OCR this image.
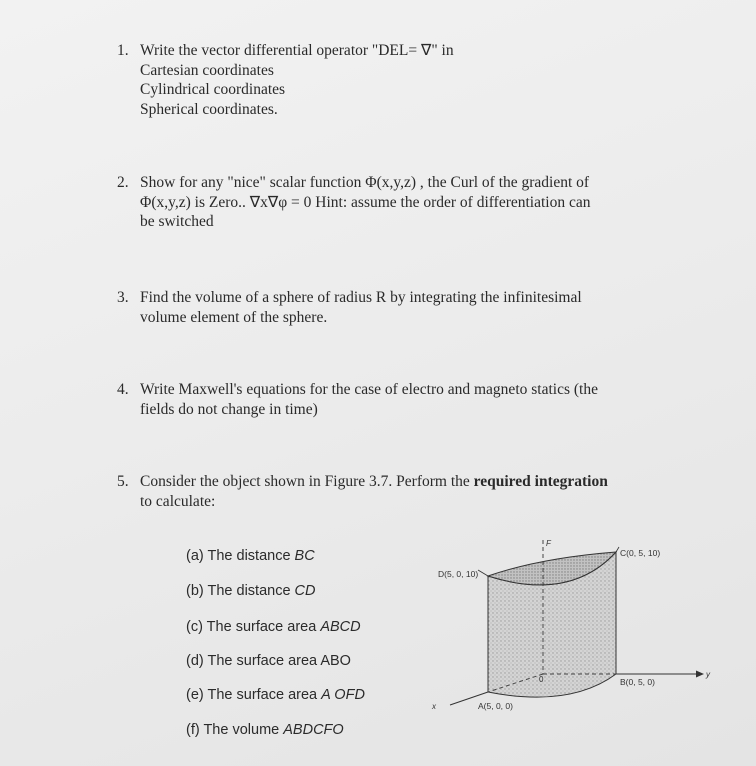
1. Write the vector differential operator "DEL= ∇" in
Cartesian coordinates
Cylindrical coordinates
Spherical coordinates.
2. Show for any "nice" scalar function Φ(x,y,z) , the Curl of the gradient of
Φ(x,y,z) is Zero.. ∇x∇φ = 0 Hint: assume the order of differentiation can
be switched
3. Find the volume of a sphere of radius R by integrating the infinitesimal
volume element of the sphere.
4. Write Maxwell's equations for the case of electro and magneto statics (the
fields do not change in time)
5. Consider the object shown in Figure 3.7. Perform the required integration
to calculate:
(a) The distance BC
(b) The distance CD
(c) The surface area ABCD
(d) The surface area ABO
(e) The surface area A OFD
(f) The volume ABDCFO
F
C(0, 5, 10)
D(5, 0, 10)
0	B(0, 5, 0)
A(5, 0, 0)
y
x
